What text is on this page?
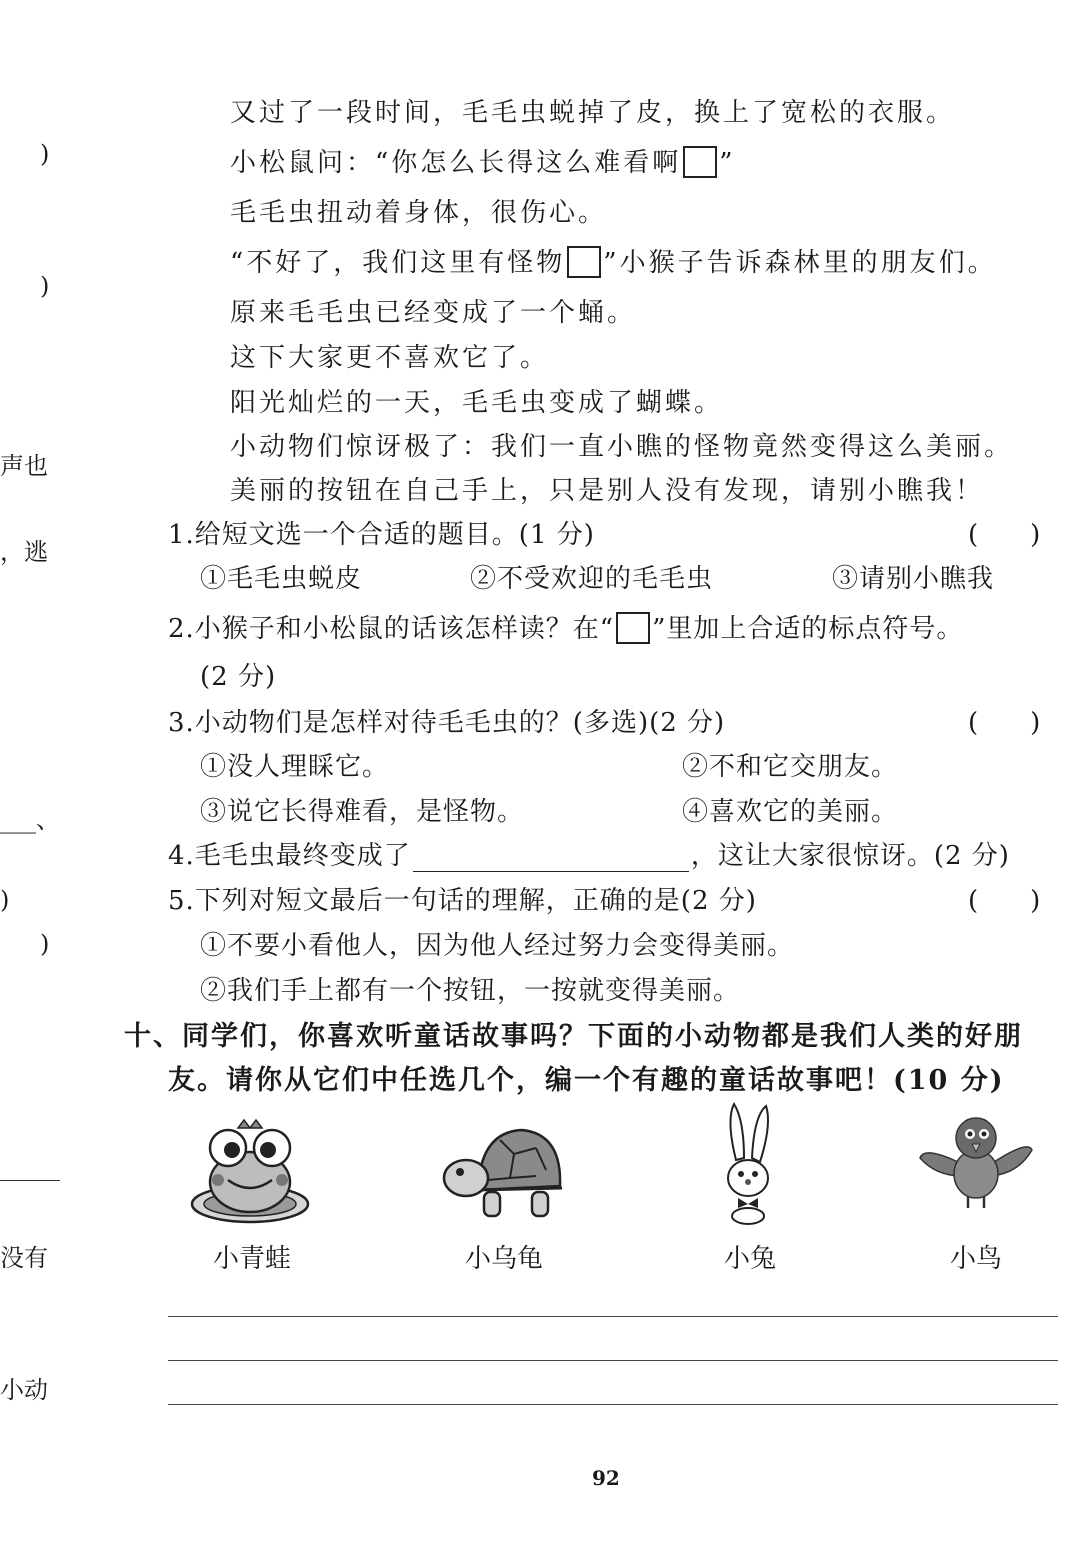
)
)
声也
，逃
___、
)
)
没有
小动
又过了一段时间，毛毛虫蜕掉了皮，换上了宽松的衣服。
小松鼠问：“你怎么长得这么难看啊 ”
毛毛虫扭动着身体，很伤心。
“不好了，我们这里有怪物 ”小猴子告诉森林里的朋友们。
原来毛毛虫已经变成了一个蛹。
这下大家更不喜欢它了。
阳光灿烂的一天，毛毛虫变成了蝴蝶。
小动物们惊讶极了：我们一直小瞧的怪物竟然变得这么美丽。
美丽的按钮在自己手上，只是别人没有发现，请别小瞧我！
1.给短文选一个合适的题目。(1 分)	(　　)
①毛毛虫蜕皮	②不受欢迎的毛毛虫	③请别小瞧我
2.小猴子和小松鼠的话该怎样读？在“ ”里加上合适的标点符号。
(2 分)
3.小动物们是怎样对待毛毛虫的？(多选)(2 分)	(　　)
①没人理睬它。	②不和它交朋友。
③说它长得难看，是怪物。	④喜欢它的美丽。
4.毛毛虫最终变成了	，这让大家很惊讶。(2 分)
5.下列对短文最后一句话的理解，正确的是(2 分)	(　　)
①不要小看他人，因为他人经过努力会变得美丽。
②我们手上都有一个按钮，一按就变得美丽。
十、同学们，你喜欢听童话故事吗？下面的小动物都是我们人类的好朋
友。请你从它们中任选几个，编一个有趣的童话故事吧！(10 分)
小青蛙	小乌龟	小兔	小鸟
92
